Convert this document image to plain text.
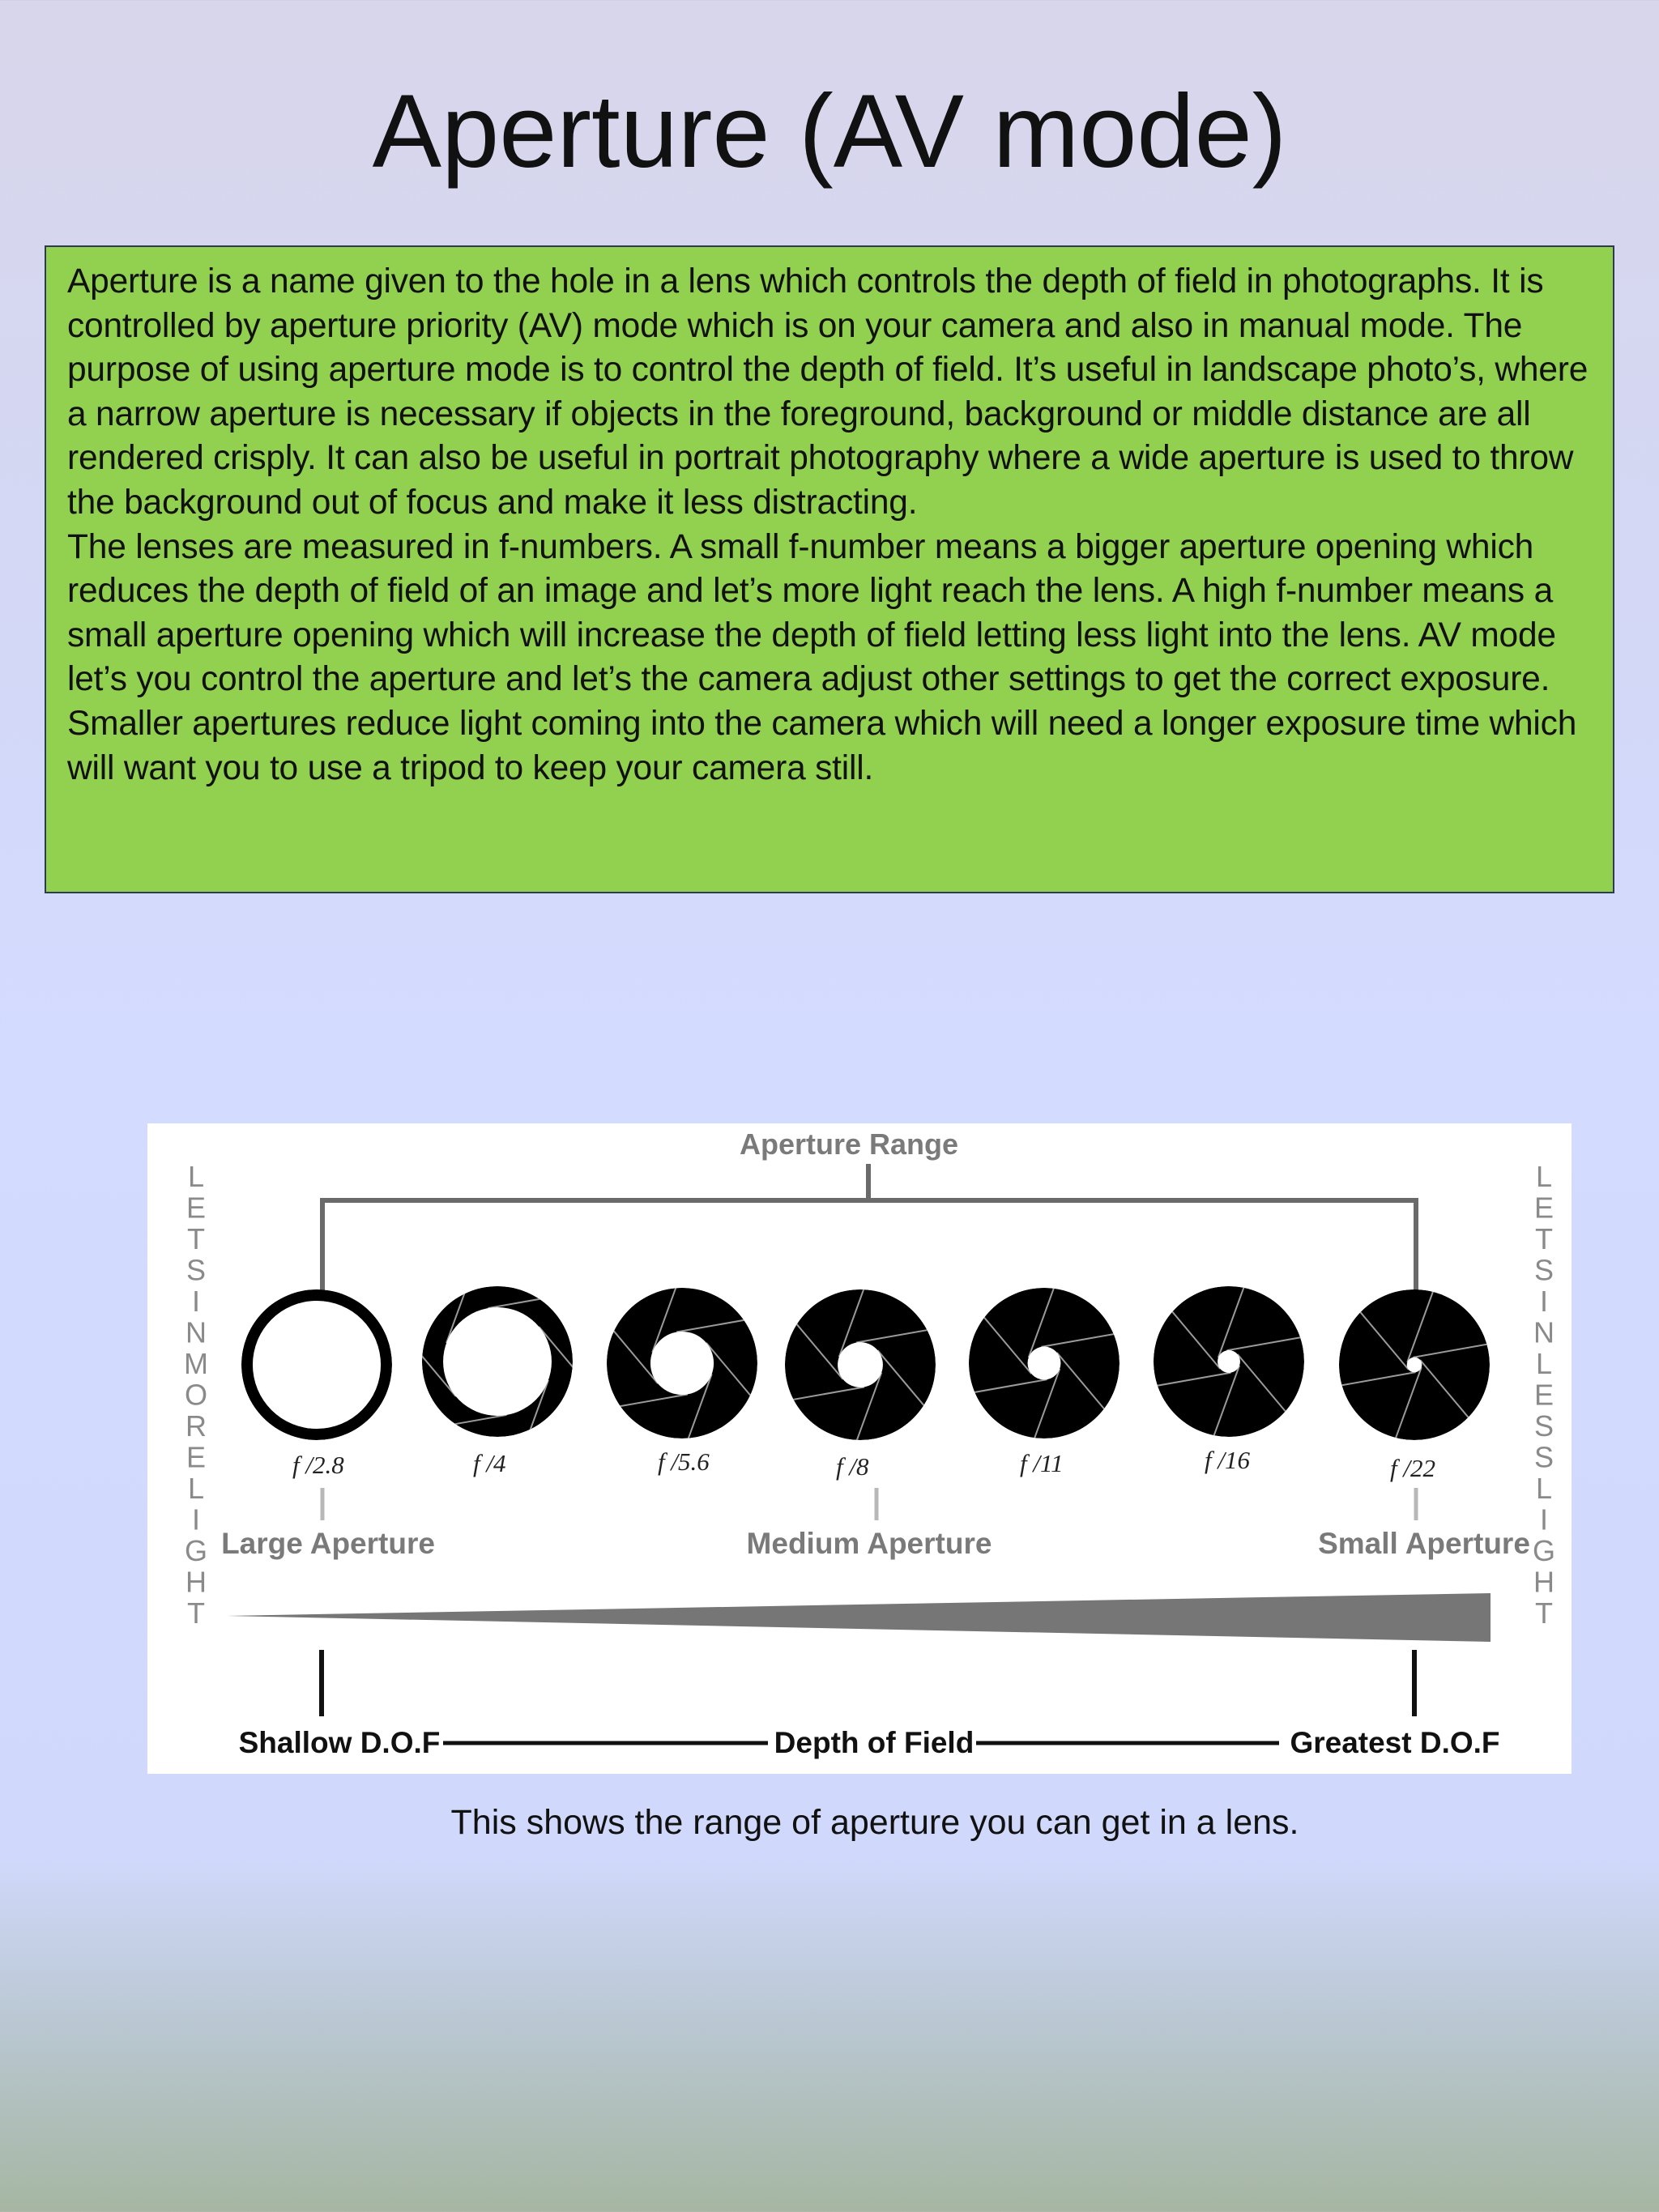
Aperture (AV mode)

Aperture is a name given to the hole in a lens which controls the depth of field in photographs. It is controlled by aperture priority (AV) mode which is on your camera and also in manual mode. The purpose of using aperture mode is to control the depth of field. It’s useful in landscape photo’s, where a narrow aperture is necessary if objects in the foreground, background or middle distance are all rendered crisply. It can also be useful in portrait photography where a wide aperture is used to throw the background out of focus and make it less distracting.

The lenses are measured in f-numbers. A small f-number means a bigger aperture opening which reduces the depth of field of an image and let’s more light reach the lens. A high f-number means a small aperture opening which will increase the depth of field letting less light into the lens. AV mode let’s you control the aperture and let’s the camera adjust other settings to get the correct exposure.

Smaller apertures reduce light coming into the camera which will need a longer exposure time which will want you to use a tripod to keep your camera still.

Aperture Range
L
E
T
S
I
N
M
O
R
E
L
I
G
H
T
L
E
T
S
I
N
L
E
S
S
L
I
G
H
T
f /2.8	f /4	f /5.6	f /8	f /11	f /16	f /22
Large Aperture	Medium Aperture	Small Aperture
Shallow D.O.F	Depth of Field	Greatest D.O.F
This shows the range of aperture you can get in a lens.
